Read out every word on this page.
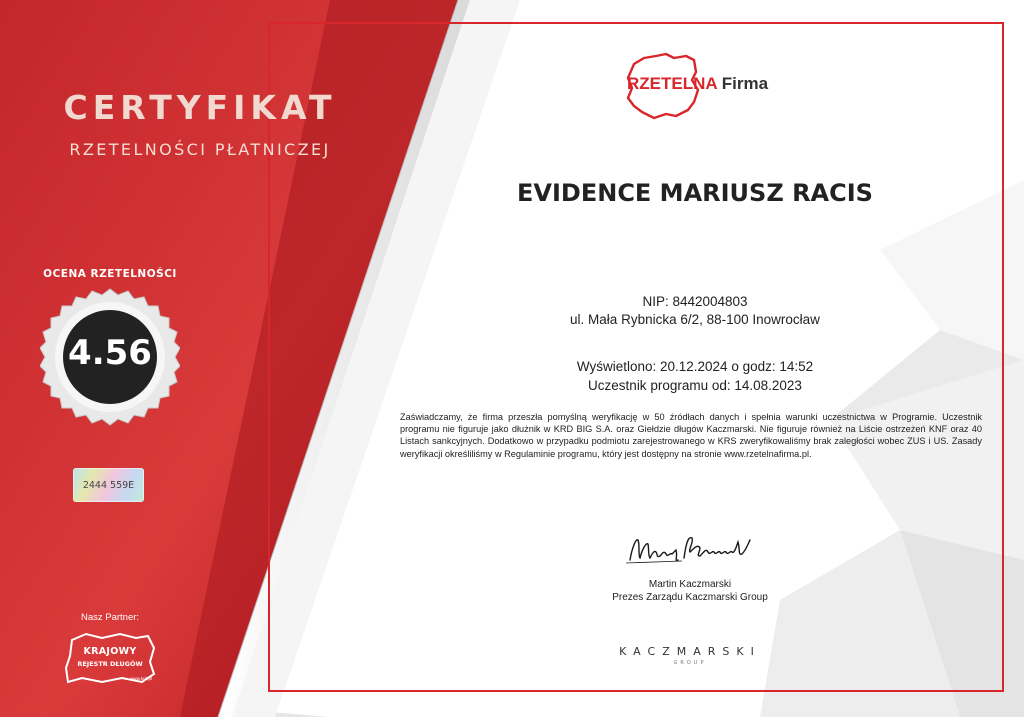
CERTYFIKAT
RZETELNOŚCI PŁATNICZEJ
OCENA RZETELNOŚCI
4.56
2444 559E
Nasz Partner:
KRAJOWY
REJESTR DŁUGÓW
www.krd.pl
RZETELNA Firma
EVIDENCE MARIUSZ RACIS
NIP: 8442004803
ul. Mała Rybnicka 6/2, 88-100 Inowrocław
Wyświetlono: 20.12.2024 o godz: 14:52
Uczestnik programu od: 14.08.2023
Zaświadczamy, że firma przeszła pomyślną weryfikację w 50 źródłach danych i spełnia warunki uczestnictwa w Programie. Uczestnik programu nie figuruje jako dłużnik w KRD BIG S.A. oraz Giełdzie długów Kaczmarski. Nie figuruje również na Liście ostrzeżeń KNF oraz 40 Listach sankcyjnych. Dodatkowo w przypadku podmiotu zarejestrowanego w KRS zweryfikowaliśmy brak zaległości wobec ZUS i US. Zasady weryfikacji określiliśmy w Regulaminie programu, który jest dostępny na stronie www.rzetelnafirma.pl.
Martin Kaczmarski
Prezes Zarządu Kaczmarski Group
KACZMARSKI
GROUP
